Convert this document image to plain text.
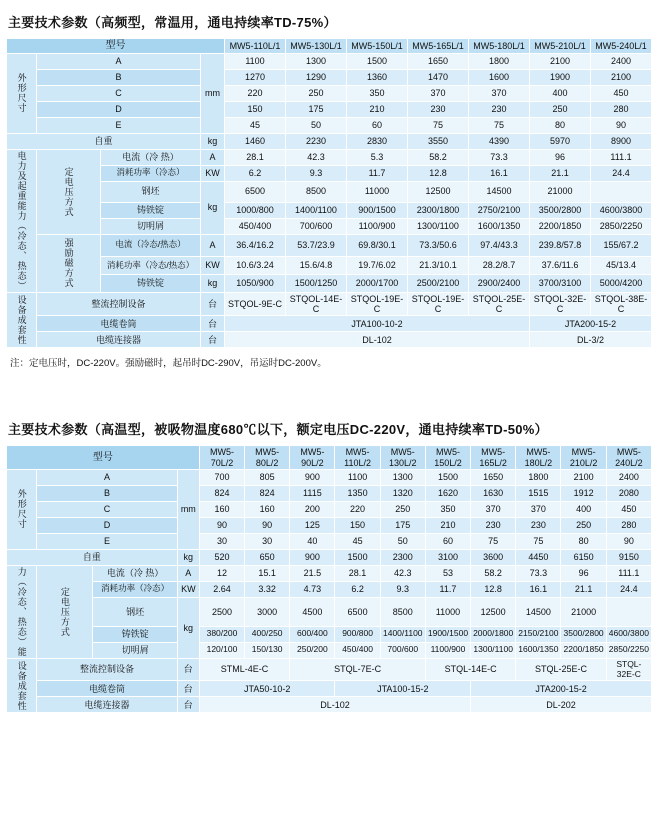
主要技术参数（高频型，常温用，通电持续率TD-75%）
型号				MW5-110L/1	MW5-130L/1	MW5-150L/1	MW5-165L/1	MW5-180L/1	MW5-210L/1	MW5-240L/1
外形尺寸	A		mm	1100	1300	1500	1650	1800	2100	2400
	B			1270	1290	1360	1470	1600	1900	2100
	C			220	250	350	370	370	400	450
	D			150	175	210	230	230	250	280
	E			45	50	60	75	75	80	90
自重			kg	1460	2230	2830	3550	4390	5970	8900
电力及起重能力（冷态、热态）	定电压方式	电流（冷 热）	A	28.1	42.3	5.3	58.2	73.3	96	111.1
		消耗功率（冷态）	KW	6.2	9.3	11.7	12.8	16.1	21.1	24.4
		钢坯	kg	6500	8500	11000	12500	14500	21000	
		铸铁锭		1000/800	1400/1100	900/1500	2300/1800	2750/2100	3500/2800	4600/3800
		切明屑		450/400	700/600	1100/900	1300/1100	1600/1350	2200/1850	2850/2250
	强励磁方式	电流（冷态/热态）	A	36.4/16.2	53.7/23.9	69.8/30.1	73.3/50.6	97.4/43.3	239.8/57.8	155/67.2
		消耗功率（冷态/热态）	KW	10.6/3.24	15.6/4.8	19.7/6.02	21.3/10.1	28.2/8.7	37.6/11.6	45/13.4
		铸铁锭	kg	1050/900	1500/1250	2000/1700	2500/2100	2900/2400	3700/3100	5000/4200
设备成套性	整流控制设备		台	STQOL-9E-C	STQOL-14E-C	STQOL-19E-C	STQOL-19E-C	STQOL-25E-C	STQOL-32E-C	STQOL-38E-C
	电缆卷筒		台	JTA100-10-2					JTA200-15-2	
	电缆连接器		台	DL-102					DL-3/2	
注：定电压时，DC-220V。强励磁时，起吊时DC-290V，吊运时DC-200V。
主要技术参数（高温型，被吸物温度680℃以下，额定电压DC-220V，通电持续率TD-50%）
型号				MW5-70L/2	MW5-80L/2	MW5-90L/2	MW5-110L/2	MW5-130L/2	MW5-150L/2	MW5-165L/2	MW5-180L/2	MW5-210L/2	MW5-240L/2
外形尺寸	A		mm	700	805	900	1100	1300	1500	1650	1800	2100	2400
	B			824	824	1115	1350	1320	1620	1630	1515	1912	2080
	C			160	160	200	220	250	350	370	370	400	450
	D			90	90	125	150	175	210	230	230	250	280
	E			30	30	40	45	50	60	75	75	80	90
自重			kg	520	650	900	1500	2300	3100	3600	4450	6150	9150
力（冷态、热态）能	定电压方式	电流（冷 热）	A	12	15.1	21.5	28.1	42.3	53	58.2	73.3	96	111.1
		消耗功率（冷态）	KW	2.64	3.32	4.73	6.2	9.3	11.7	12.8	16.1	21.1	24.4
		钢坯	kg	2500	3000	4500	6500	8500	11000	12500	14500	21000	
		铸铁锭		380/200	400/250	600/400	900/800	1400/1100	1900/1500	2000/1800	2150/2100	3500/2800	4600/3800
		切明屑		120/100	150/130	250/200	450/400	700/600	1100/900	1300/1100	1600/1350	2200/1850	2850/2250
设备成套性	整流控制设备		台	STML-4E-C		STQL-7E-C			STQL-14E-C		STQL-25E-C		STQL-32E-C
	电缆卷筒		台	JTA50-10-2			JTA100-15-2			JTA200-15-2			
	电缆连接器		台	DL-102						DL-202			
